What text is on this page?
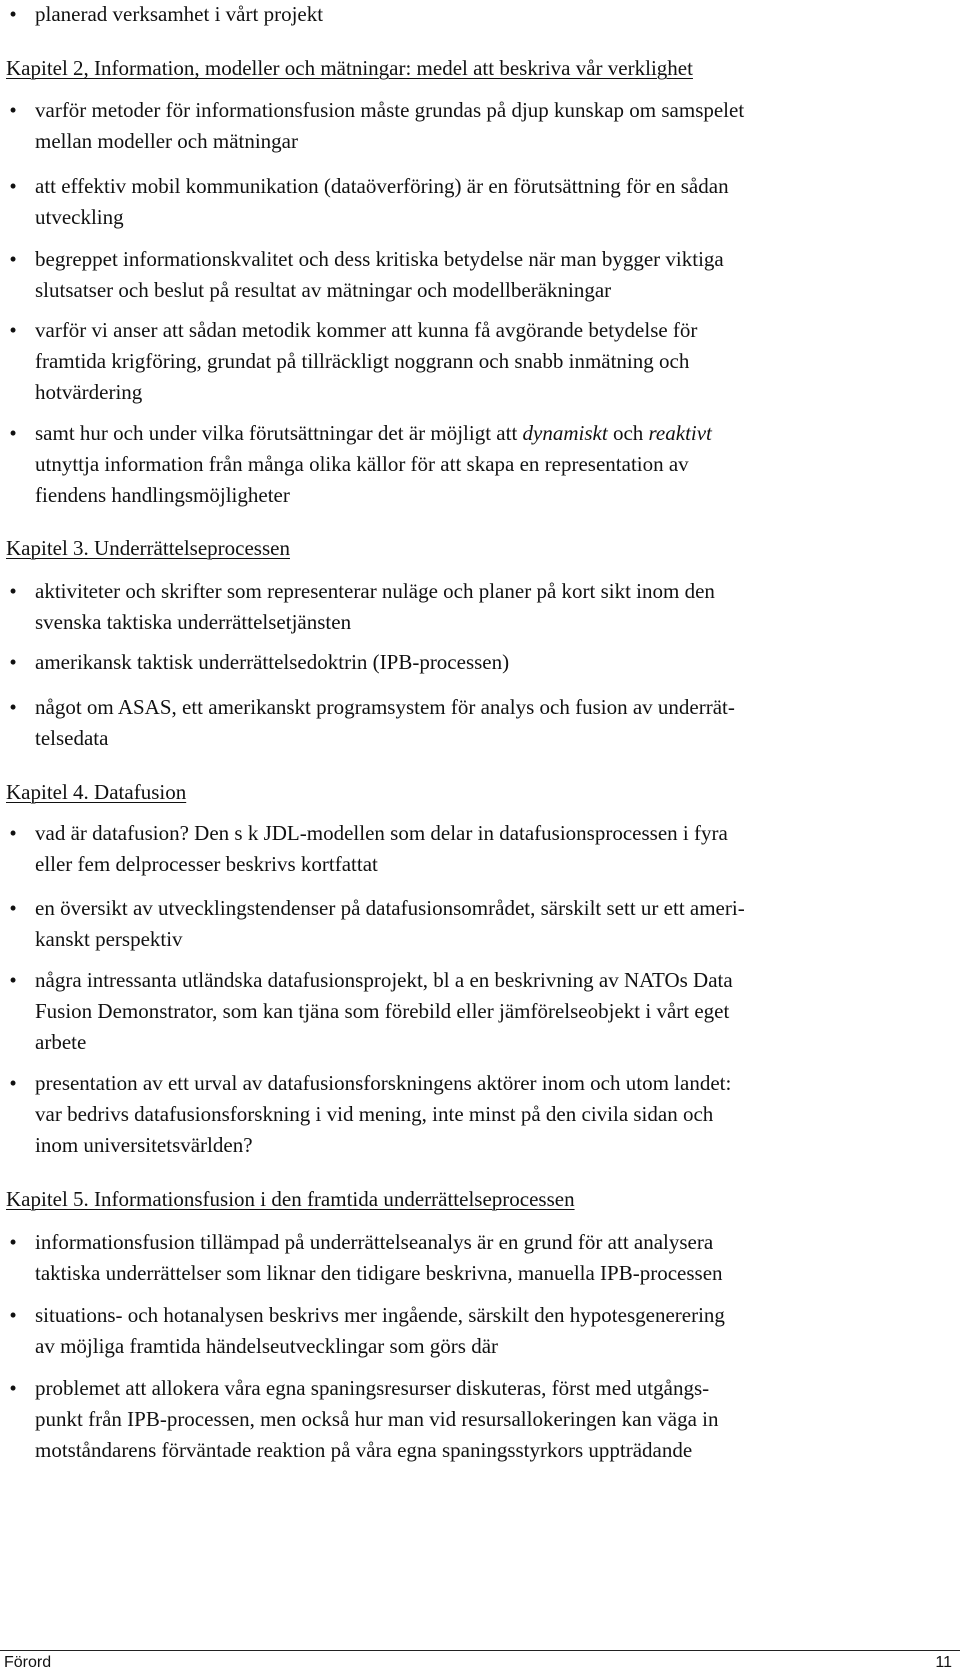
• planerad verksamhet i vårt projekt
Kapitel 2, Information, modeller och mätningar: medel att beskriva vår verklighet
• varför metoder för informationsfusion måste grundas på djup kunskap om samspelet
mellan modeller och mätningar
• att effektiv mobil kommunikation (dataöverföring) är en förutsättning för en sådan
utveckling
• begreppet informationskvalitet och dess kritiska betydelse när man bygger viktiga
slutsatser och beslut på resultat av mätningar och modellberäkningar
• varför vi anser att sådan metodik kommer att kunna få avgörande betydelse för
framtida krigföring, grundat på tillräckligt noggrann och snabb inmätning och
hotvärdering
• samt hur och under vilka förutsättningar det är möjligt att dynamiskt och reaktivt
utnyttja information från många olika källor för att skapa en representation av
fiendens handlingsmöjligheter
Kapitel 3. Underrättelseprocessen
• aktiviteter och skrifter som representerar nuläge och planer på kort sikt inom den
svenska taktiska underrättelsetjänsten
• amerikansk taktisk underrättelsedoktrin (IPB-processen)
• något om ASAS, ett amerikanskt programsystem för analys och fusion av underrät-
telsedata
Kapitel 4. Datafusion
• vad är datafusion? Den s k JDL-modellen som delar in datafusionsprocessen i fyra
eller fem delprocesser beskrivs kortfattat
• en översikt av utvecklingstendenser på datafusionsområdet, särskilt sett ur ett ameri-
kanskt perspektiv
• några intressanta utländska datafusionsprojekt, bl a en beskrivning av NATOs Data
Fusion Demonstrator, som kan tjäna som förebild eller jämförelseobjekt i vårt eget
arbete
• presentation av ett urval av datafusionsforskningens aktörer inom och utom landet:
var bedrivs datafusionsforskning i vid mening, inte minst på den civila sidan och
inom universitetsvärlden?
Kapitel 5. Informationsfusion i den framtida underrättelseprocessen
• informationsfusion tillämpad på underrättelseanalys är en grund för att analysera
taktiska underrättelser som liknar den tidigare beskrivna, manuella IPB-processen
• situations- och hotanalysen beskrivs mer ingående, särskilt den hypotesgenerering
av möjliga framtida händelseutvecklingar som görs där
• problemet att allokera våra egna spaningsresurser diskuteras, först med utgångs-
punkt från IPB-processen, men också hur man vid resursallokeringen kan väga in
motståndarens förväntade reaktion på våra egna spaningsstyrkors uppträdande
Förord	11
